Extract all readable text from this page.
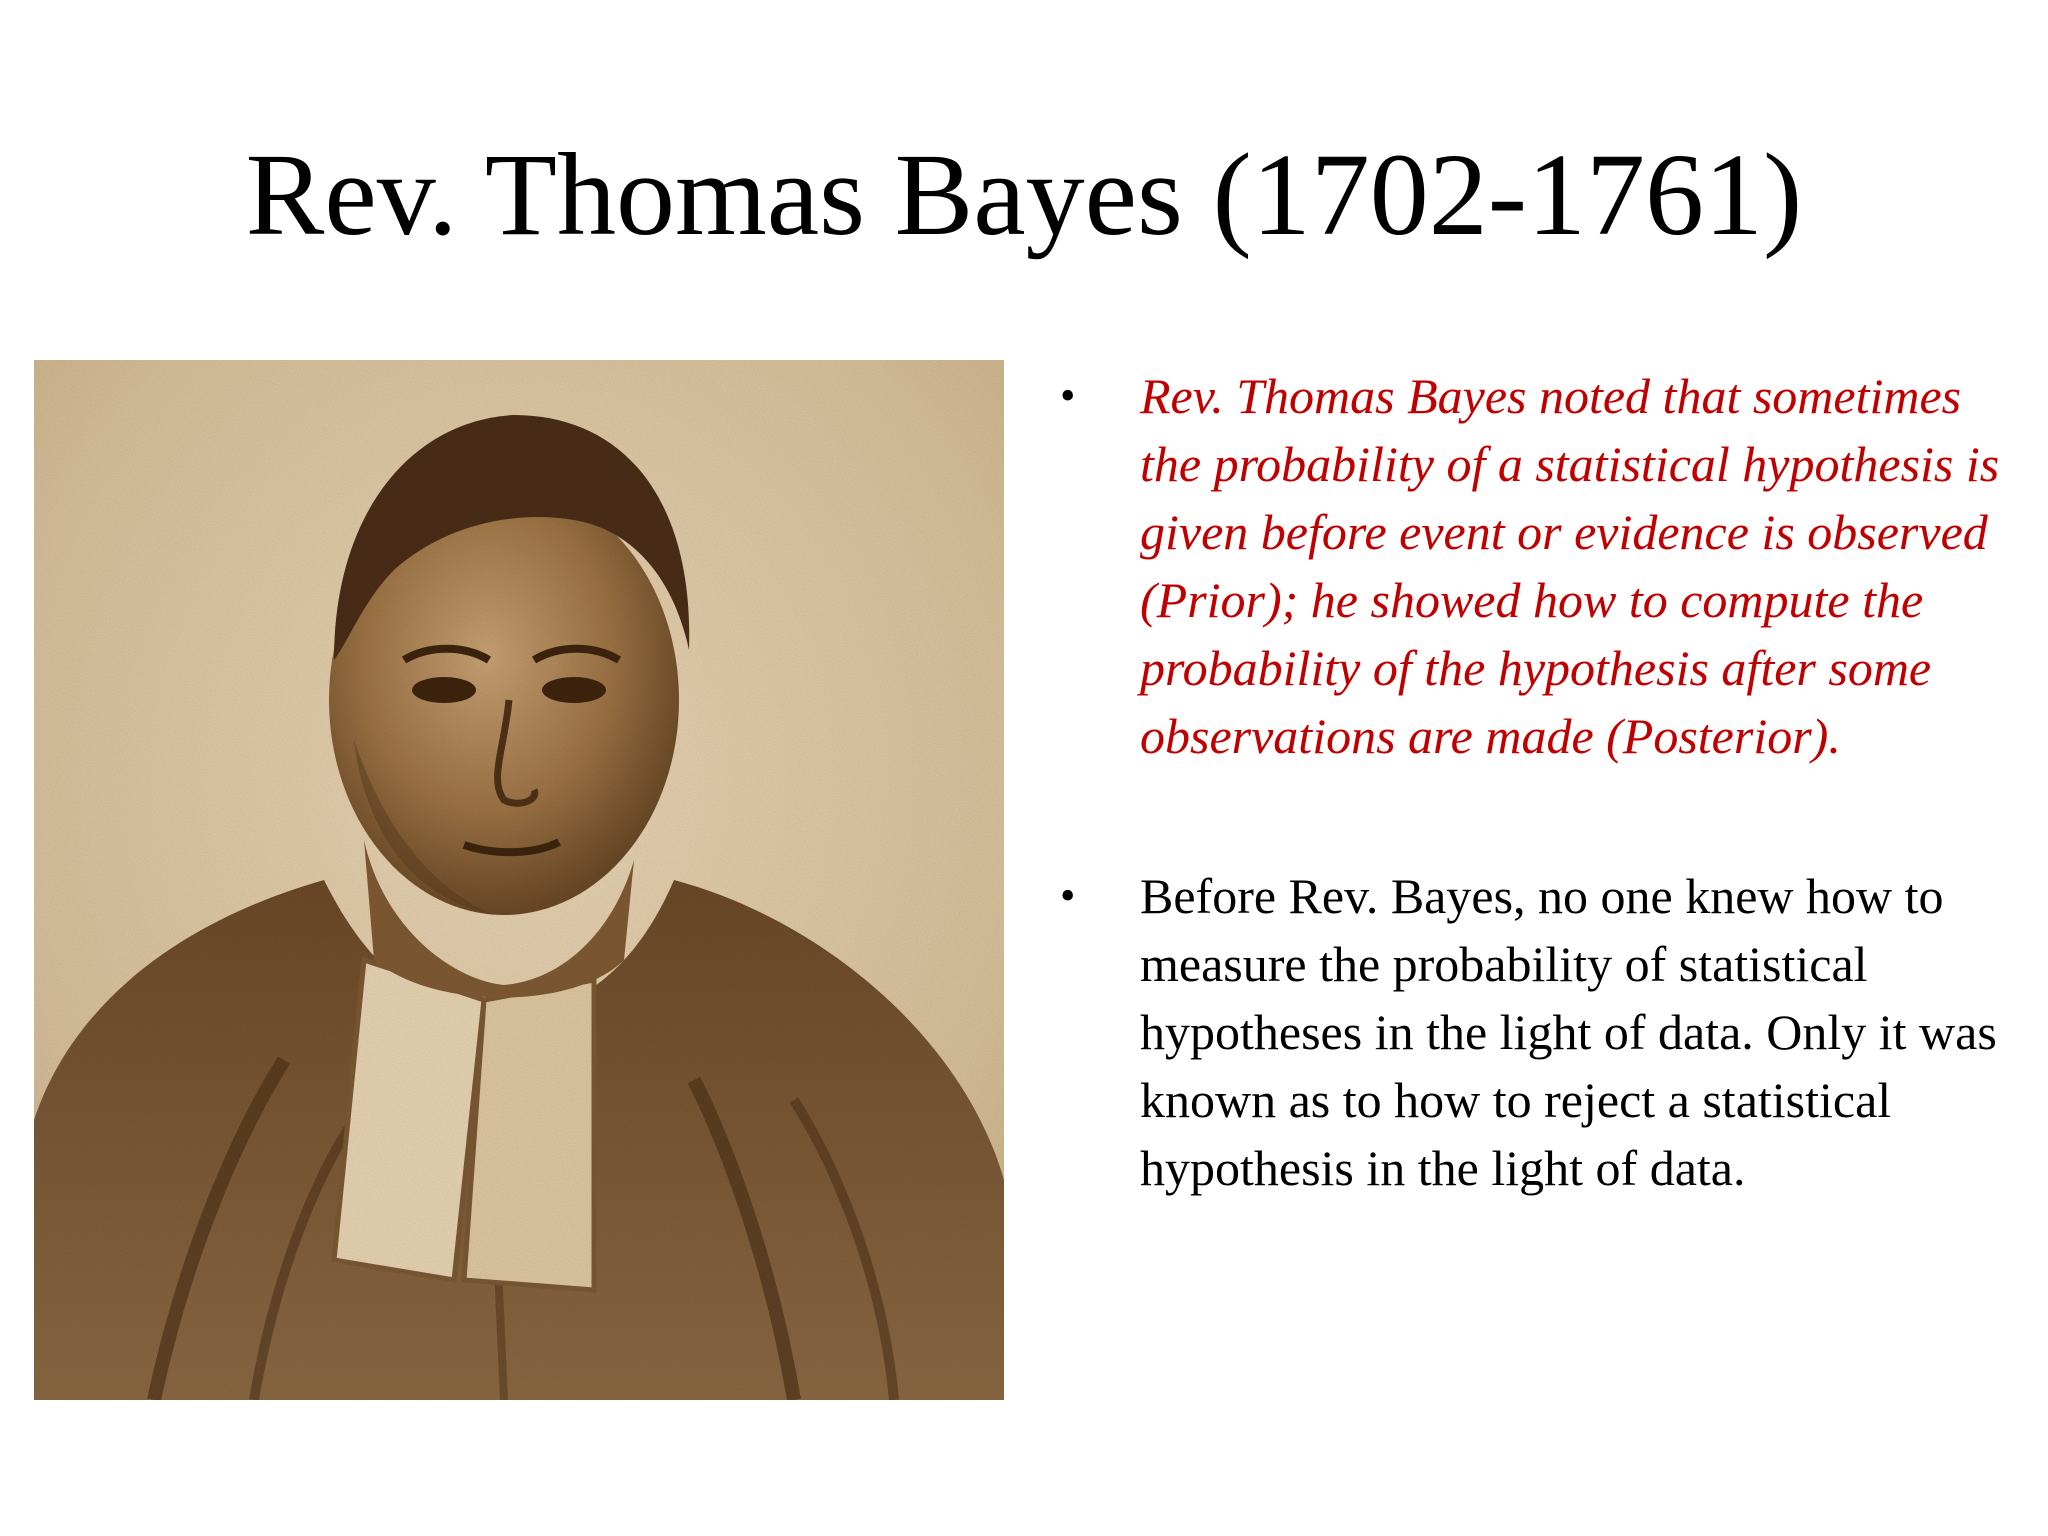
Rev. Thomas Bayes (1702-1761)
•	Rev. Thomas Bayes noted that sometimes the probability of a statistical hypothesis is given before event or evidence is observed (Prior); he showed how to compute the probability of the hypothesis after some observations are made (Posterior).
•	Before Rev. Bayes, no one knew how to measure the probability of statistical hypotheses in the light of data. Only it was known as to how to reject a statistical hypothesis in the light of data.
